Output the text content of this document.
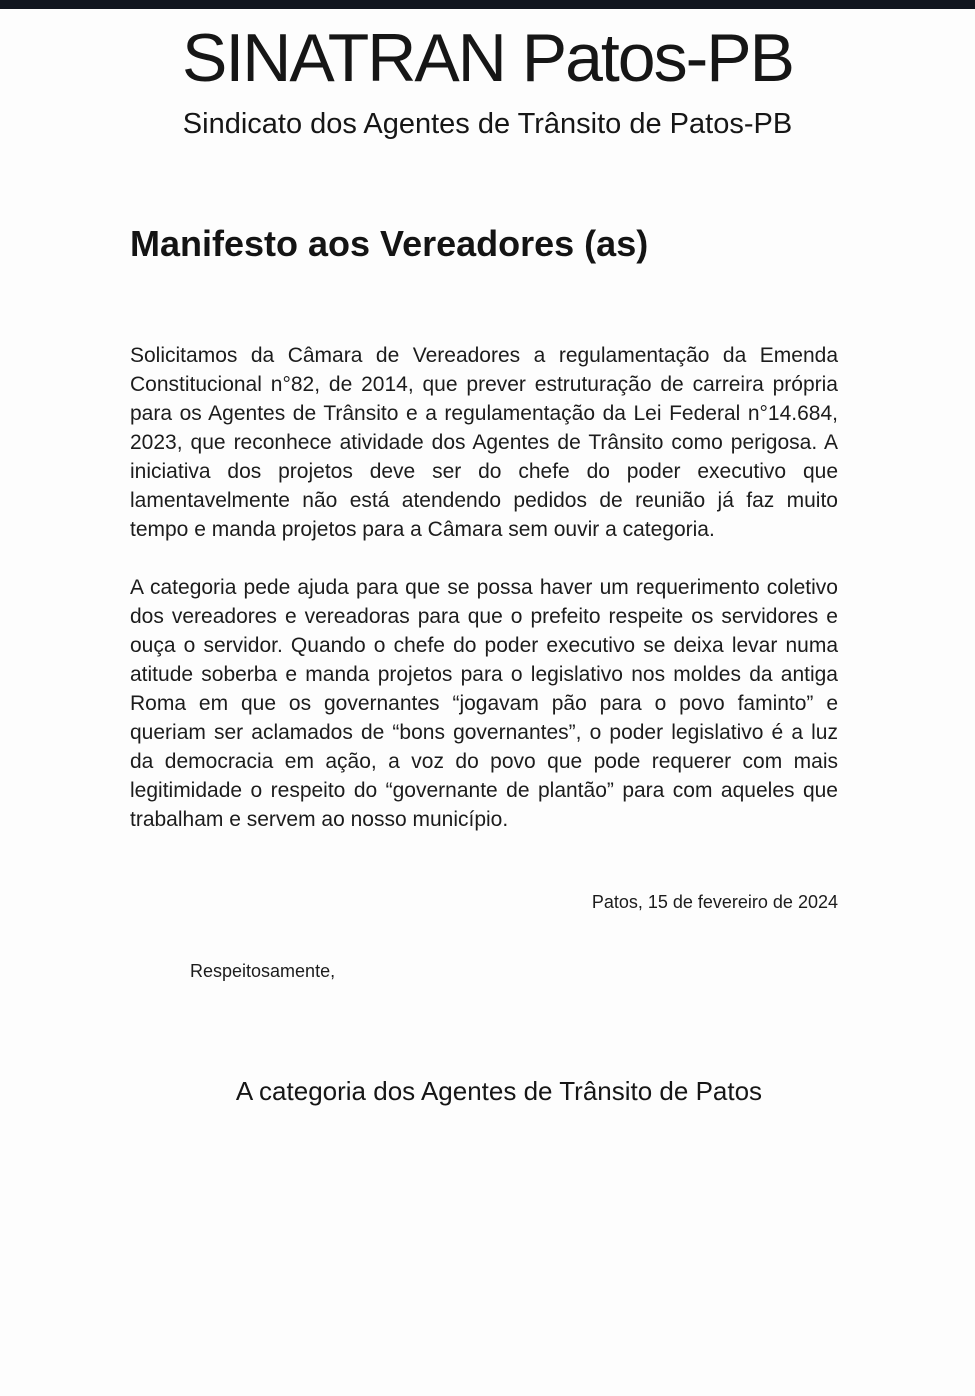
SINATRAN Patos-PB
Sindicato dos Agentes de Trânsito de Patos-PB
Manifesto aos Vereadores (as)

Solicitamos da Câmara de Vereadores a regulamentação da Emenda Constitucional n°82, de 2014, que prever estruturação de carreira própria para os Agentes de Trânsito e a regulamentação da Lei Federal n°14.684, 2023, que reconhece atividade dos Agentes de Trânsito como perigosa. A iniciativa dos projetos deve ser do chefe do poder executivo que lamentavelmente não está atendendo pedidos de reunião já faz muito tempo e manda projetos para a Câmara sem ouvir a categoria.

A categoria pede ajuda para que se possa haver um requerimento coletivo dos vereadores e vereadoras para que o prefeito respeite os servidores e ouça o servidor. Quando o chefe do poder executivo se deixa levar numa atitude soberba e manda projetos para o legislativo nos moldes da antiga Roma em que os governantes “jogavam pão para o povo faminto” e queriam ser aclamados de “bons governantes”, o poder legislativo é a luz da democracia em ação, a voz do povo que pode requerer com mais legitimidade o respeito do “governante de plantão” para com aqueles que trabalham e servem ao nosso município.

Patos, 15 de fevereiro de 2024

Respeitosamente,

A categoria dos Agentes de Trânsito de Patos
